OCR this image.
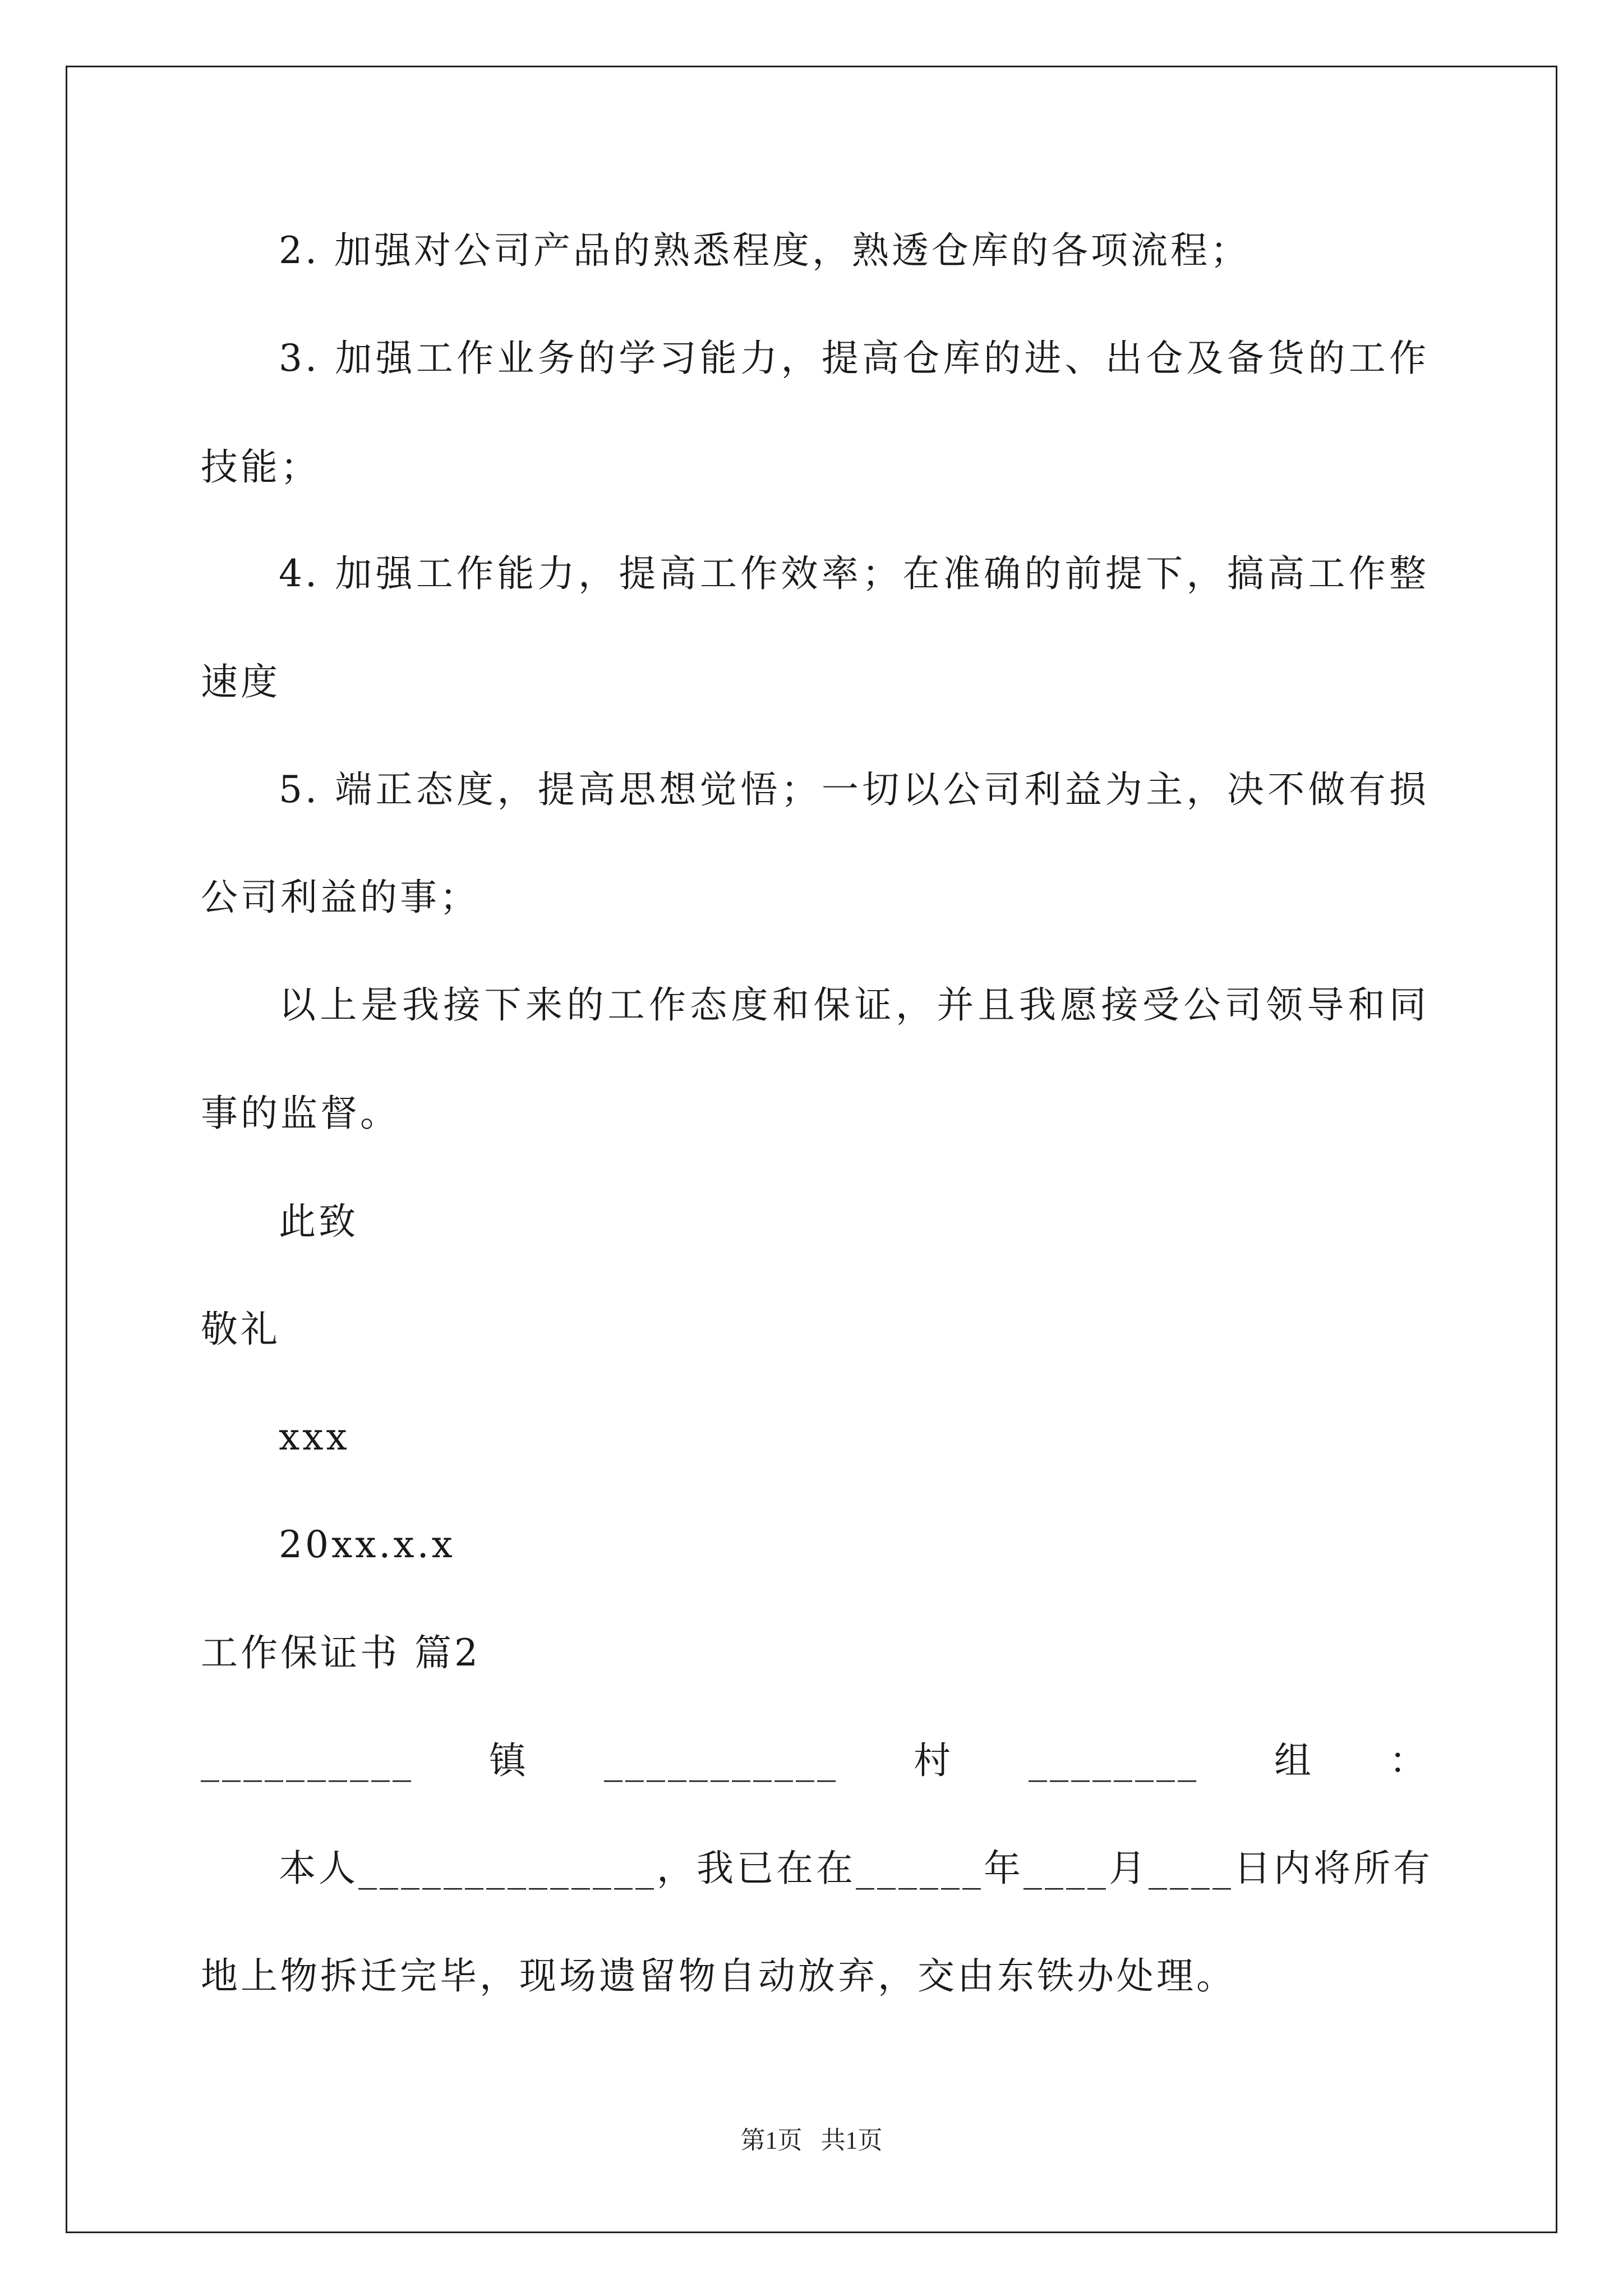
2. 加强对公司产品的熟悉程度，熟透仓库的各项流程；
3. 加强工作业务的学习能力，提高仓库的进、出仓及备货的工作
技能；
4. 加强工作能力，提高工作效率；在准确的前提下，搞高工作整
速度
5. 端正态度，提高思想觉悟；一切以公司利益为主，决不做有损
公司利益的事；
以上是我接下来的工作态度和保证，并且我愿接受公司领导和同
事的监督。
此致
敬礼
xxx
20xx.x.x
工作保证书 篇2
__________镇___________村________组：
本人______________，我已在在______年____月____日内将所有
地上物拆迁完毕，现场遗留物自动放弃，交由东铁办处理。
第1页   共1页
